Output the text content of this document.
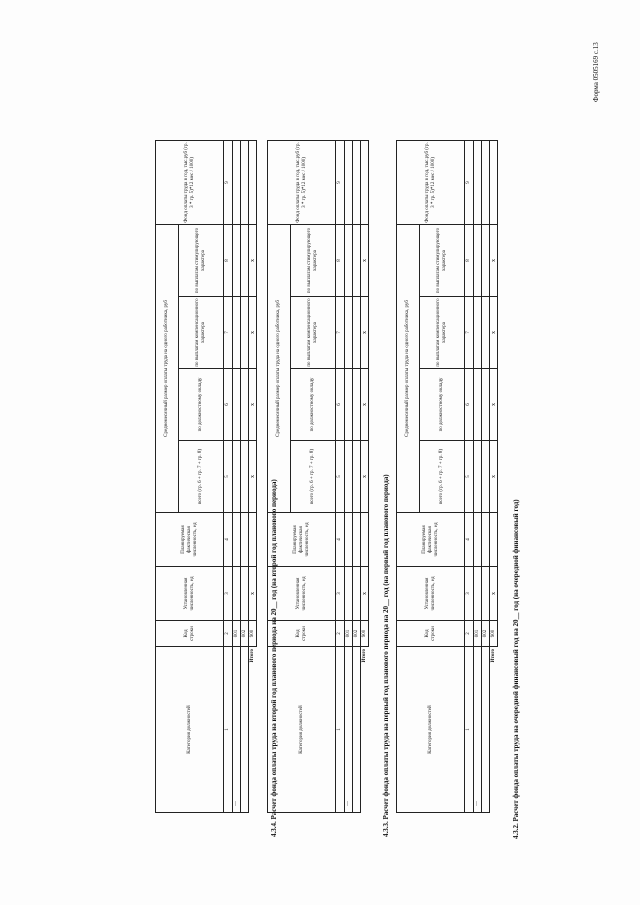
Форма 0505169 с.13
4.3.2. Расчет фонда оплаты труда на очередной финансовый год на 20__ год (на очередной финансовый год)
Категория должностей	Код строки	Установленная численность, ед	Планируемая фактическая численность, ед	Среднемесячный размер оплаты труда на одного работника, руб				Фонд оплаты труда в год, тыс.руб (гр. 3 * гр. 5)*12 мес / 1000)
				всего (гр. 6 + гр. 7 + гр. 8)	по должностному окладу	по выплатам компенсационного характера	по выплатам стимулирующего характера	
1	2	3	4	5	6	7	8	9
—	001							
	002							
Итого	900	x		x	x	x	x	
4.3.3. Расчет фонда оплаты труда на первый год планового периода на 20__ год (на первый год планового периода)
Категория должностей	Код строки	Установленная численность, ед	Планируемая фактическая численность, ед	Среднемесячный размер оплаты труда на одного работника, руб				Фонд оплаты труда в год, тыс.руб (гр. 3 * гр. 5)*12 мес / 1000)
				всего (гр. 6 + гр. 7 + гр. 8)	по должностному окладу	по выплатам компенсационного характера	по выплатам стимулирующего характера	
1	2	3	4	5	6	7	8	9
—	001							
	002							
Итого	900	x		x	x	x	x	
4.3.4. Расчет фонда оплаты труда на второй год планового периода на 20__ год (на второй год планового периода)
Категория должностей	Код строки	Установленная численность, ед	Планируемая фактическая численность, ед	Среднемесячный размер оплаты труда на одного работника, руб				Фонд оплаты труда в год, тыс.руб (гр. 3 * гр. 5)*12 мес / 1000)
				всего (гр. 6 + гр. 7 + гр. 8)	по должностному окладу	по выплатам компенсационного характера	по выплатам стимулирующего характера	
1	2	3	4	5	6	7	8	9
—	001							
	002							
Итого	900	x		x	x	x	x	
